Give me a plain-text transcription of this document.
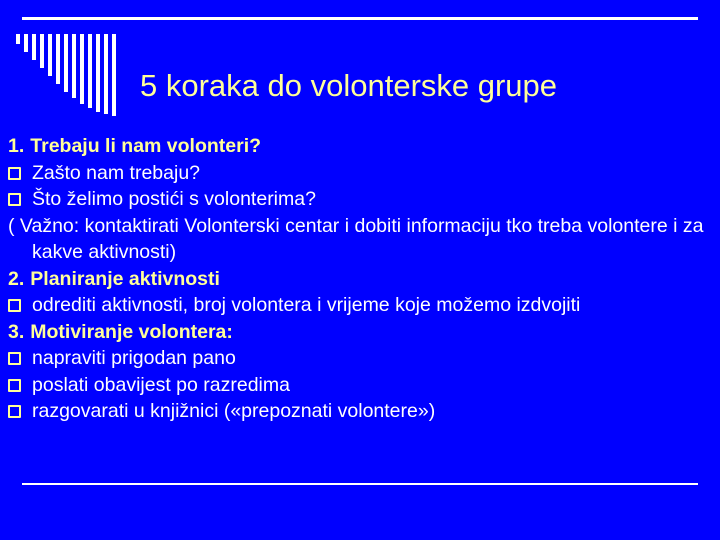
5 koraka do volonterske grupe
1. Trebaju li nam volonteri?
Zašto nam trebaju?
Što želimo postići s volonterima?
( Važno: kontaktirati Volonterski centar i dobiti informaciju tko treba volontere i za kakve aktivnosti)
2. Planiranje aktivnosti
odrediti aktivnosti, broj volontera i vrijeme koje možemo izdvojiti
3. Motiviranje volontera:
napraviti prigodan pano
poslati obavijest po razredima
razgovarati u knjižnici («prepoznati volontere»)
